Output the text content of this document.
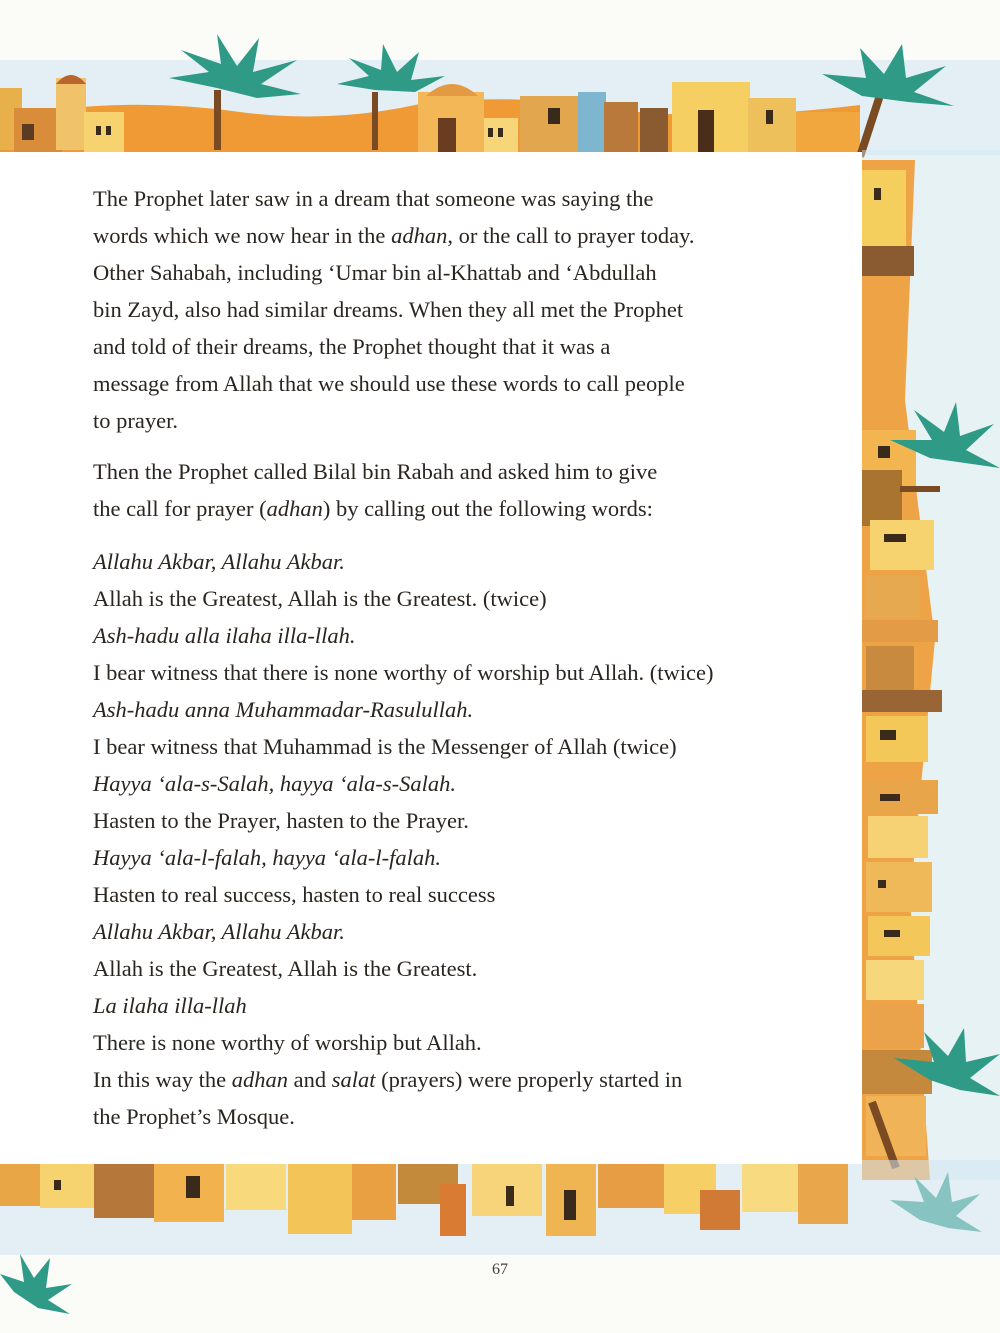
The Prophet later saw in a dream that someone was saying the
words which we now hear in the adhan, or the call to prayer today.
Other Sahabah, including ‘Umar bin al-Khattab and ‘Abdullah
bin Zayd, also had similar dreams. When they all met the Prophet
and told of their dreams, the Prophet thought that it was a
message from Allah that we should use these words to call people
to prayer.

Then the Prophet called Bilal bin Rabah and asked him to give
the call for prayer (adhan) by calling out the following words:

Allahu Akbar, Allahu Akbar.
Allah is the Greatest, Allah is the Greatest. (twice)
Ash-hadu alla ilaha illa-llah.
I bear witness that there is none worthy of worship but Allah. (twice)
Ash-hadu anna Muhammadar-Rasulullah.
I bear witness that Muhammad is the Messenger of Allah (twice)
Hayya ‘ala-s-Salah, hayya ‘ala-s-Salah.
Hasten to the Prayer, hasten to the Prayer.
Hayya ‘ala-l-falah, hayya ‘ala-l-falah.
Hasten to real success, hasten to real success
Allahu Akbar, Allahu Akbar.
Allah is the Greatest, Allah is the Greatest.
La ilaha illa-llah
There is none worthy of worship but Allah.
In this way the adhan and salat (prayers) were properly started in
the Prophet’s Mosque.
67
